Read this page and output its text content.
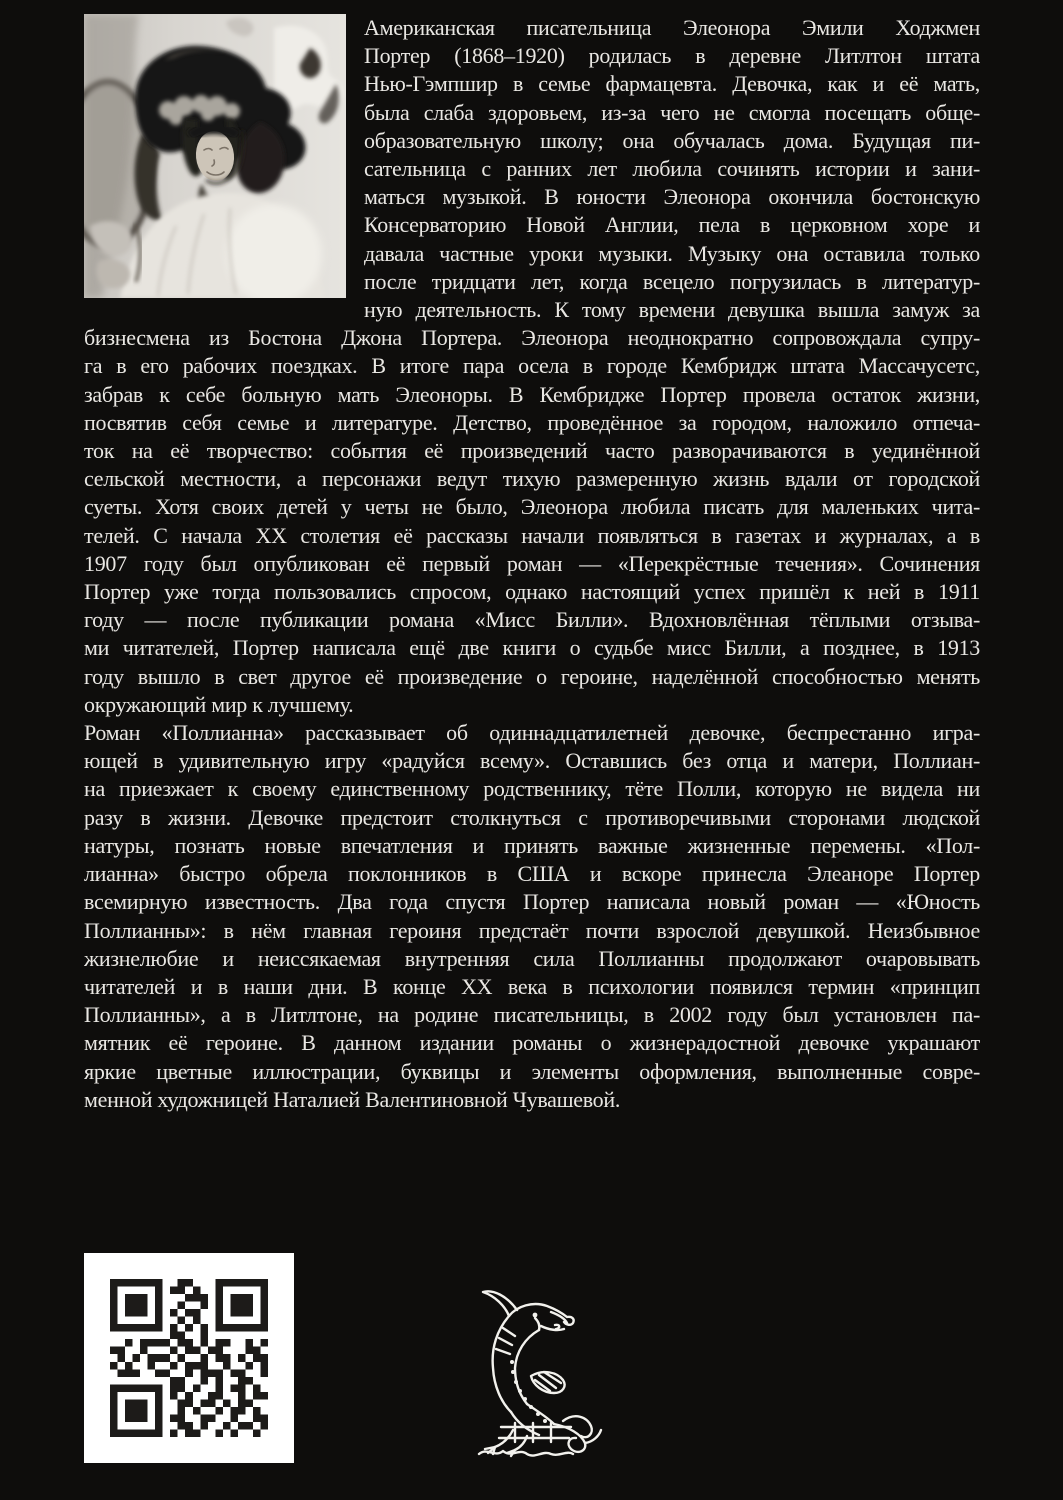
Американская писательница Элеонора Эмили Ходжмен
Портер (1868–1920) родилась в деревне Литлтон штата
Нью-Гэмпшир в семье фармацевта. Девочка, как и её мать,
была слаба здоровьем, из-за чего не смогла посещать обще-
образовательную школу; она обучалась дома. Будущая пи-
сательница с ранних лет любила сочинять истории и зани-
маться музыкой. В юности Элеонора окончила бостонскую
Консерваторию Новой Англии, пела в церковном хоре и
давала частные уроки музыки. Музыку она оставила только
после тридцати лет, когда всецело погрузилась в литератур-
ную деятельность. К тому времени девушка вышла замуж за
бизнесмена из Бостона Джона Портера. Элеонора неоднократно сопровождала супру-
га в его рабочих поездках. В итоге пара осела в городе Кембридж штата Массачусетс,
забрав к себе больную мать Элеоноры. В Кембридже Портер провела остаток жизни,
посвятив себя семье и литературе. Детство, проведённое за городом, наложило отпеча-
ток на её творчество: события её произведений часто разворачиваются в уединённой
сельской местности, а персонажи ведут тихую размеренную жизнь вдали от городской
суеты. Хотя своих детей у четы не было, Элеонора любила писать для маленьких чита-
телей. С начала XX столетия её рассказы начали появляться в газетах и журналах, а в
1907 году был опубликован её первый роман — «Перекрёстные течения». Сочинения
Портер уже тогда пользовались спросом, однако настоящий успех пришёл к ней в 1911
году — после публикации романа «Мисс Билли». Вдохновлённая тёплыми отзыва-
ми читателей, Портер написала ещё две книги о судьбе мисс Билли, а позднее, в 1913
году вышло в свет другое её произведение о героине, наделённой способностью менять
окружающий мир к лучшему.
Роман «Поллианна» рассказывает об одиннадцатилетней девочке, беспрестанно игра-
ющей в удивительную игру «радуйся всему». Оставшись без отца и матери, Поллиан-
на приезжает к своему единственному родственнику, тёте Полли, которую не видела ни
разу в жизни. Девочке предстоит столкнуться с противоречивыми сторонами людской
натуры, познать новые впечатления и принять важные жизненные перемены. «Пол-
лианна» быстро обрела поклонников в США и вскоре принесла Элеаноре Портер
всемирную известность. Два года спустя Портер написала новый роман — «Юность
Поллианны»: в нём главная героиня предстаёт почти взрослой девушкой. Неизбывное
жизнелюбие и неиссякаемая внутренняя сила Поллианны продолжают очаровывать
читателей и в наши дни. В конце XX века в психологии появился термин «принцип
Поллианны», а в Литлтоне, на родине писательницы, в 2002 году был установлен па-
мятник её героине. В данном издании романы о жизнерадостной девочке украшают
яркие цветные иллюстрации, буквицы и элементы оформления, выполненные совре-
менной художницей Наталией Валентиновной Чувашевой.
